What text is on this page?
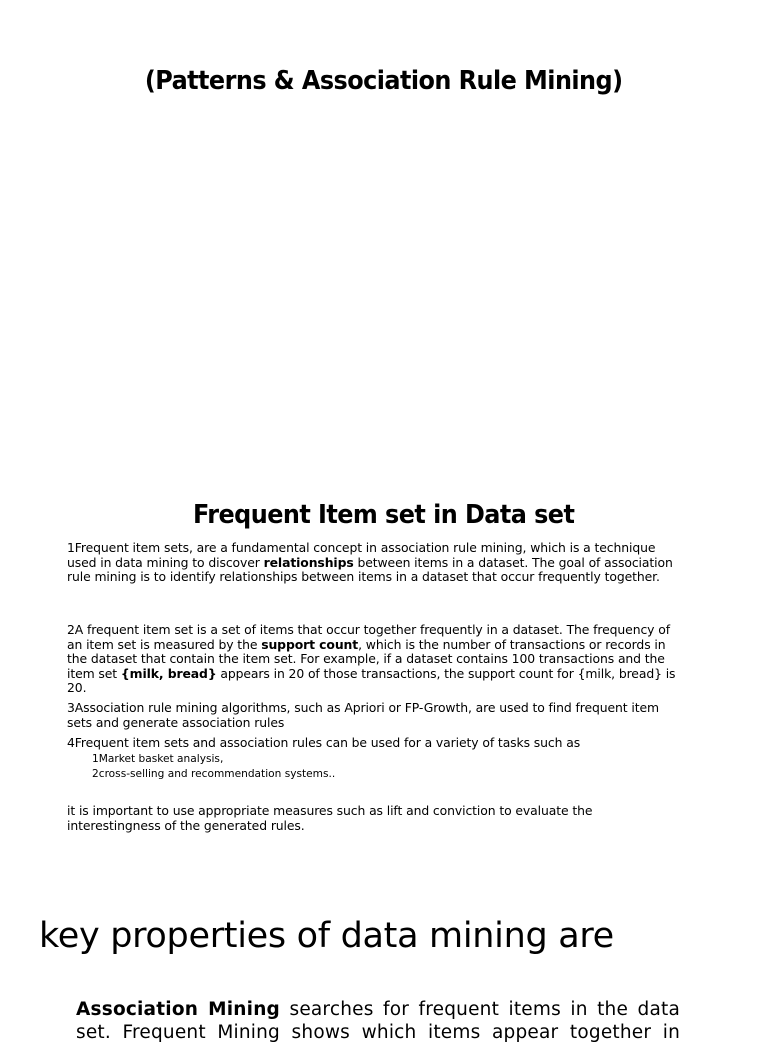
(Patterns & Association Rule Mining)
Frequent Item set in Data set
1Frequent item sets, are a fundamental concept in association rule mining, which is a technique used in data mining to discover relationships between items in a dataset. The goal of association rule mining is to identify relationships between items in a dataset that occur frequently together.
2A frequent item set is a set of items that occur together frequently in a dataset. The frequency of an item set is measured by the support count, which is the number of transactions or records in the dataset that contain the item set. For example, if a dataset contains 100 transactions and the item set {milk, bread} appears in 20 of those transactions, the support count for {milk, bread} is 20.
3Association rule mining algorithms, such as Apriori or FP-Growth, are used to find frequent item sets and generate association rules
4Frequent item sets and association rules can be used for a variety of tasks such as
1Market basket analysis,
2cross-selling and recommendation systems..
it is important to use appropriate measures such as lift and conviction to evaluate the interestingness of the generated rules.
key properties of data mining are
Association Mining searches for frequent items in the data set. Frequent Mining shows which items appear together in
